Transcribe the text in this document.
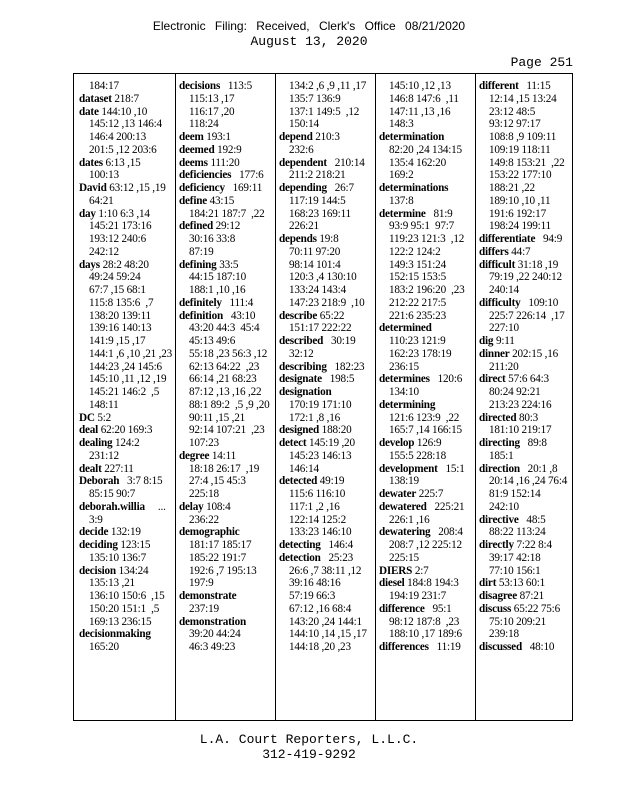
Electronic Filing: Received, Clerk's Office 08/21/2020
August 13, 2020
Page 251
184:17
dataset 218:7
date 144:10 ,10
145:12 ,13 146:4
146:4 200:13
201:5 ,12 203:6
dates 6:13 ,15
100:13
David 63:12 ,15 ,19
64:21
day 1:10 6:3 ,14
145:21 173:16
193:12 240:6
242:12
days 28:2 48:20
49:24 59:24
67:7 ,15 68:1
115:8 135:6  ,7
138:20 139:11
139:16 140:13
141:9 ,15 ,17
144:1 ,6 ,10 ,21 ,23
144:23 ,24 145:6
145:10 ,11 ,12 ,19
145:21 146:2  ,5
148:11
DC 5:2
deal 62:20 169:3
dealing 124:2
231:12
dealt 227:11
Deborah   3:7 8:15
85:15 90:7
deborah.willia     ...
3:9
decide 132:19
deciding 123:15
135:10 136:7
decision 134:24
135:13 ,21
136:10 150:6  ,15
150:20 151:1  ,5
169:13 236:15
decisionmaking
165:20
decisions   113:5
115:13 ,17
116:17 ,20
118:24
deem 193:1
deemed 192:9
deems 111:20
deficiencies   177:6
deficiency   169:11
define 43:15
184:21 187:7  ,22
defined 29:12
30:16 33:8
87:19
defining 33:5
44:15 187:10
188:1 ,10 ,16
definitely   111:4
definition   43:10
43:20 44:3  45:4
45:13 49:6
55:18 ,23 56:3 ,12
62:13 64:22  ,23
66:14 ,21 68:23
87:12 ,13 ,16 ,22
88:1 89:2  ,5 ,9 ,20
90:11 ,15 ,21
92:14 107:21  ,23
107:23
degree 14:11
18:18 26:17  ,19
27:4 ,15 45:3
225:18
delay 108:4
236:22
demographic
181:17 185:17
185:22 191:7
192:6 ,7 195:13
197:9
demonstrate
237:19
demonstration
39:20 44:24
46:3 49:23
134:2 ,6 ,9 ,11 ,17
135:7 136:9
137:1 149:5  ,12
150:14
depend 210:3
232:6
dependent   210:14
211:2 218:21
depending   26:7
117:19 144:5
168:23 169:11
226:21
depends 19:8
70:11 97:20
98:14 101:4
120:3 ,4 130:10
133:24 143:4
147:23 218:9  ,10
describe 65:22
151:17 222:22
described   30:19
32:12
describing   182:23
designate   198:5
designation
170:19 171:10
172:1 ,8 ,16
designed 188:20
detect 145:19 ,20
145:23 146:13
146:14
detected 49:19
115:6 116:10
117:1 ,2 ,16
122:14 125:2
133:23 146:10
detecting   146:4
detection   25:23
26:6 ,7 38:11 ,12
39:16 48:16
57:19 66:3
67:12 ,16 68:4
143:20 ,24 144:1
144:10 ,14 ,15 ,17
144:18 ,20 ,23
145:10 ,12 ,13
146:8 147:6  ,11
147:11 ,13 ,16
148:3
determination
82:20 ,24 134:15
135:4 162:20
169:2
determinations
137:8
determine   81:9
93:9 95:1  97:7
119:23 121:3  ,12
122:2 124:2
149:3 151:24
152:15 153:5
183:2 196:20  ,23
212:22 217:5
221:6 235:23
determined
110:23 121:9
162:23 178:19
236:15
determines   120:6
134:10
determining
121:6 123:9  ,22
165:7 ,14 166:15
develop 126:9
155:5 228:18
development   15:1
138:19
dewater 225:7
dewatered   225:21
226:1 ,16
dewatering   208:4
208:7 ,12 225:12
225:15
DIERS 2:7
diesel 184:8 194:3
194:19 231:7
difference   95:1
98:12 187:8  ,23
188:10 ,17 189:6
differences   11:19
different   11:15
12:14 ,15 13:24
23:12 48:5
93:12 97:17
108:8 ,9 109:11
109:19 118:11
149:8 153:21  ,22
153:22 177:10
188:21 ,22
189:10 ,10 ,11
191:6 192:17
198:24 199:11
differentiate   94:9
differs 44:7
difficult 31:18 ,19
79:19 ,22 240:12
240:14
difficulty   109:10
225:7 226:14  ,17
227:10
dig 9:11
dinner 202:15 ,16
211:20
direct 57:6 64:3
80:24 92:21
213:23 224:16
directed 80:3
181:10 219:17
directing   89:8
185:1
direction   20:1 ,8
20:14 ,16 ,24 76:4
81:9 152:14
242:10
directive   48:5
88:22 113:24
directly 7:22 8:4
39:17 42:18
77:10 156:1
dirt 53:13 60:1
disagree 87:21
discuss 65:22 75:6
75:10 209:21
239:18
discussed   48:10
L.A. Court Reporters, L.L.C.
312-419-9292
